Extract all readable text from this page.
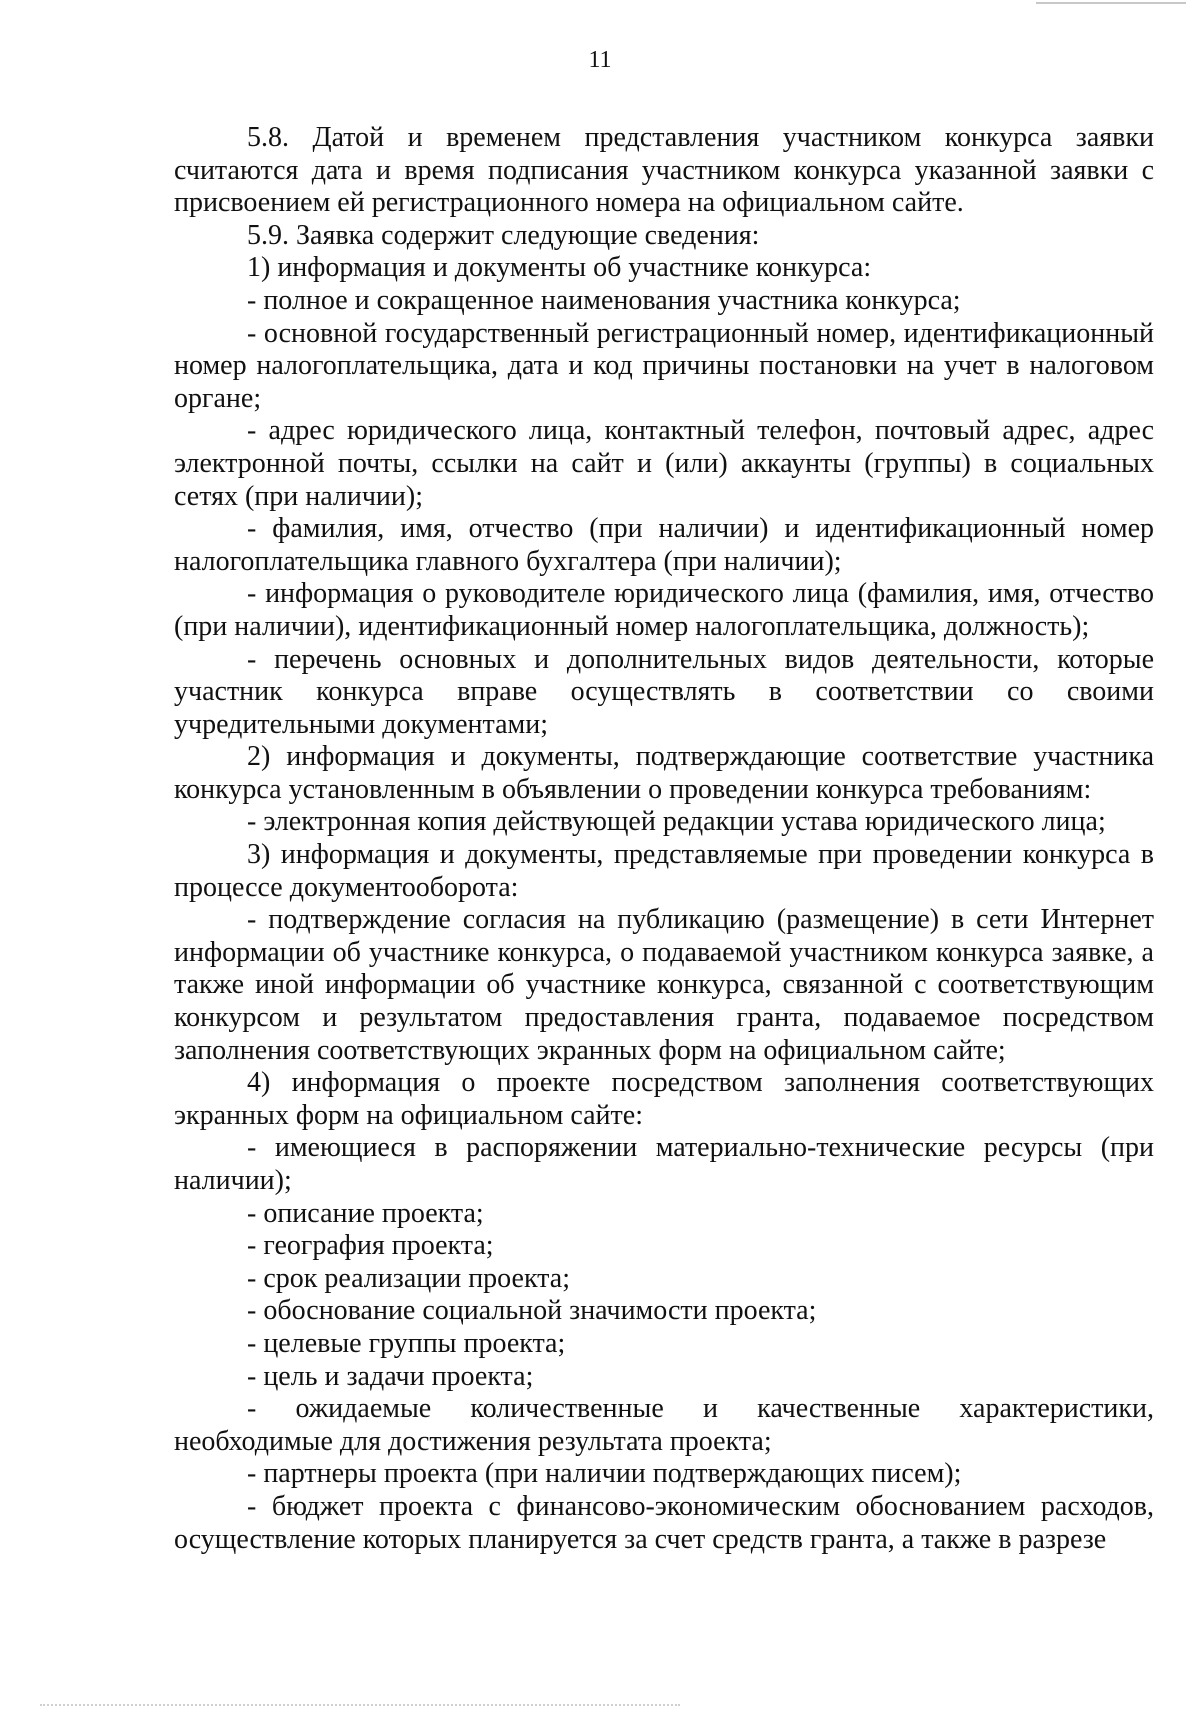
11

5.8. Датой и временем представления участником конкурса заявки считаются дата и время подписания участником конкурса указанной заявки с присвоением ей регистрационного номера на официальном сайте.

5.9. Заявка содержит следующие сведения:

1) информация и документы об участнике конкурса:

- полное и сокращенное наименования участника конкурса;

- основной государственный регистрационный номер, идентификационный номер налогоплательщика, дата и код причины постановки на учет в налоговом органе;

- адрес юридического лица, контактный телефон, почтовый адрес, адрес электронной почты, ссылки на сайт и (или) аккаунты (группы) в социальных сетях (при наличии);

- фамилия, имя, отчество (при наличии) и идентификационный номер налогоплательщика главного бухгалтера (при наличии);

- информация о руководителе юридического лица (фамилия, имя, отчество (при наличии), идентификационный номер налогоплательщика, должность);

- перечень основных и дополнительных видов деятельности, которые участник конкурса вправе осуществлять в соответствии со своими учредительными документами;

2) информация и документы, подтверждающие соответствие участника конкурса установленным в объявлении о проведении конкурса требованиям:

- электронная копия действующей редакции устава юридического лица;

3) информация и документы, представляемые при проведении конкурса в процессе документооборота:

- подтверждение согласия на публикацию (размещение) в сети Интернет информации об участнике конкурса, о подаваемой участником конкурса заявке, а также иной информации об участнике конкурса, связанной с соответствующим конкурсом и результатом предоставления гранта, подаваемое посредством заполнения соответствующих экранных форм на официальном сайте;

4) информация о проекте посредством заполнения соответствующих экранных форм на официальном сайте:

- имеющиеся в распоряжении материально-технические ресурсы (при наличии);

- описание проекта;

- география проекта;

- срок реализации проекта;

- обоснование социальной значимости проекта;

- целевые группы проекта;

- цель и задачи проекта;

- ожидаемые количественные и качественные характеристики, необходимые для достижения результата проекта;

- партнеры проекта (при наличии подтверждающих писем);

- бюджет проекта с финансово-экономическим обоснованием расходов, осуществление которых планируется за счет средств гранта, а также в разрезе
